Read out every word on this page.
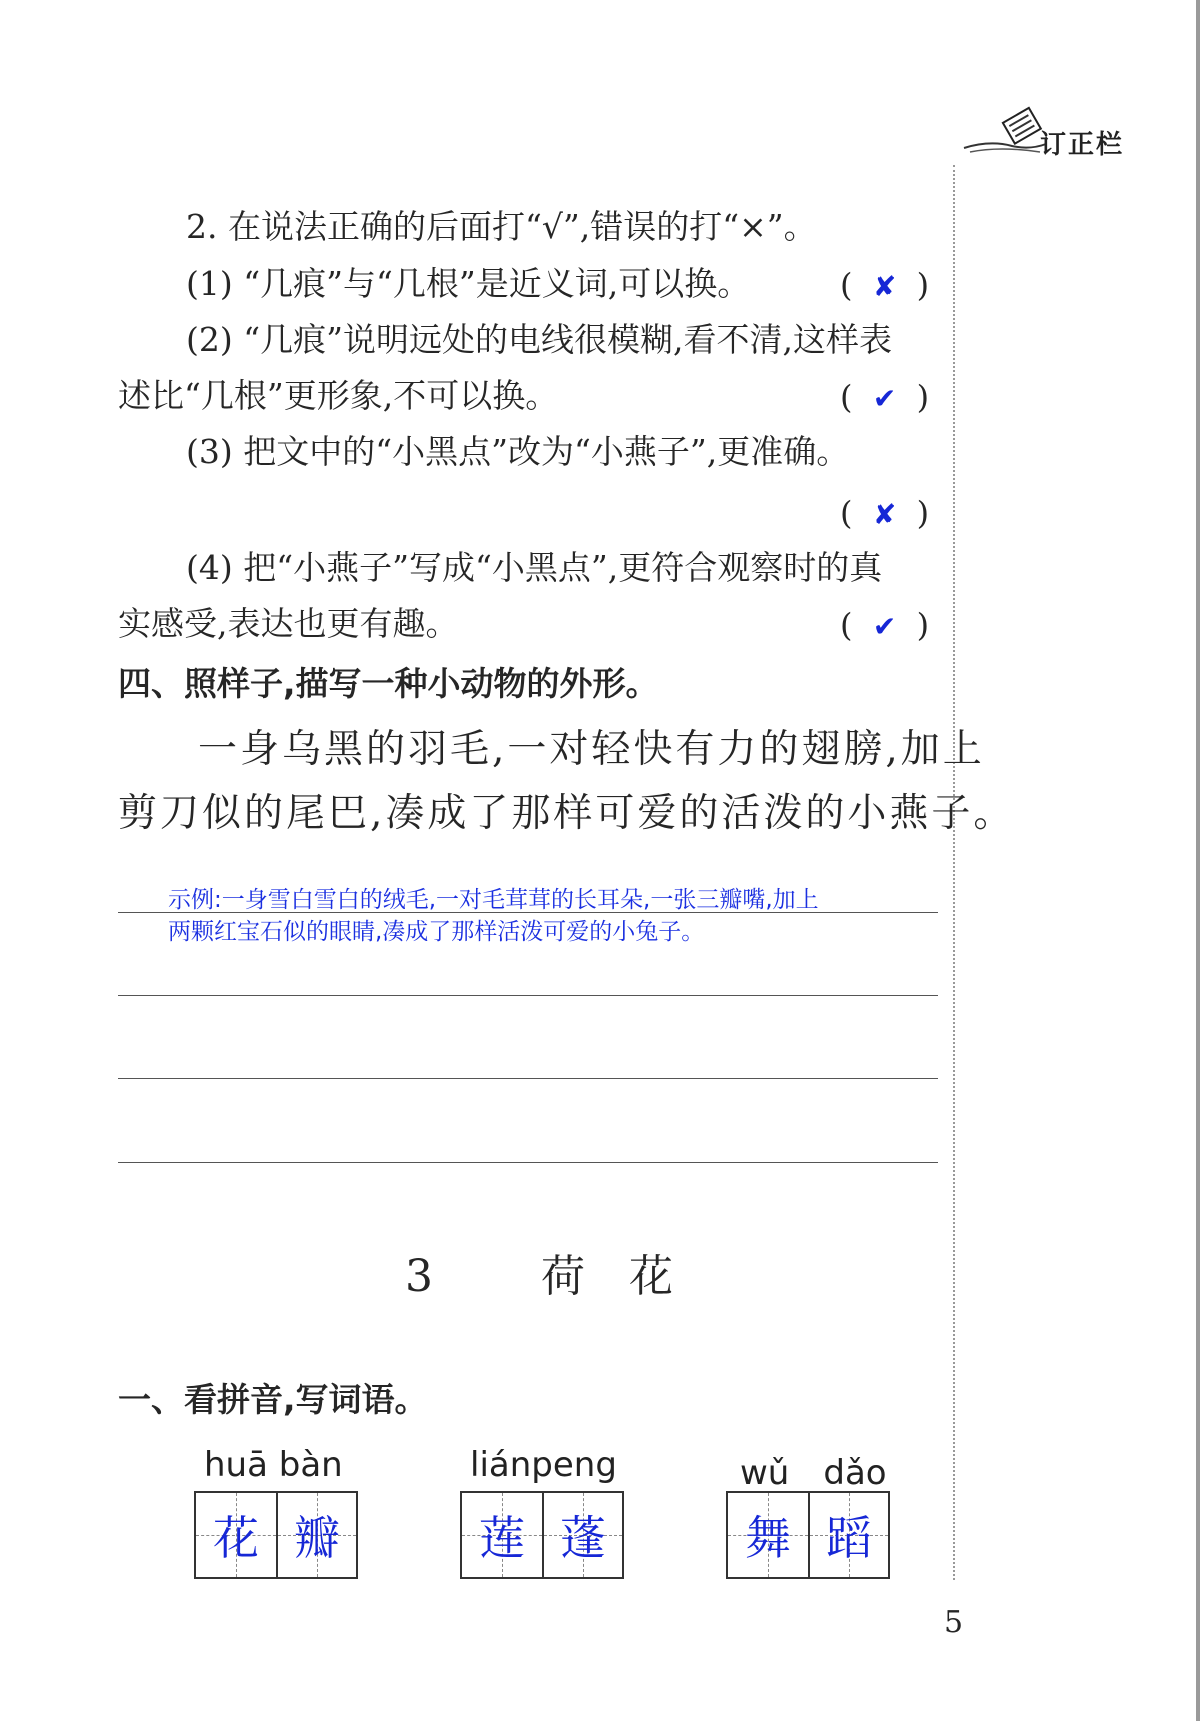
订正栏
2. 在说法正确的后面打“√”,错误的打“×”。
(1) “几痕”与“几根”是近义词,可以换。	(  ✘  )
(2) “几痕”说明远处的电线很模糊,看不清,这样表
述比“几根”更形象,不可以换。	(  ✔  )
(3) 把文中的“小黑点”改为“小燕子”,更准确。
(  ✘  )
(4) 把“小燕子”写成“小黑点”,更符合观察时的真
实感受,表达也更有趣。	(  ✔  )
四、照样子,描写一种小动物的外形。
一身乌黑的羽毛,一对轻快有力的翅膀,加上
剪刀似的尾巴,凑成了那样可爱的活泼的小燕子。
示例:一身雪白雪白的绒毛,一对毛茸茸的长耳朵,一张三瓣嘴,加上
两颗红宝石似的眼睛,凑成了那样活泼可爱的小兔子。
3 荷　花
一、看拼音,写词语。
huā bàn
花 瓣
liánpeng
莲 蓬
wǔ　dǎo
舞 蹈
5
